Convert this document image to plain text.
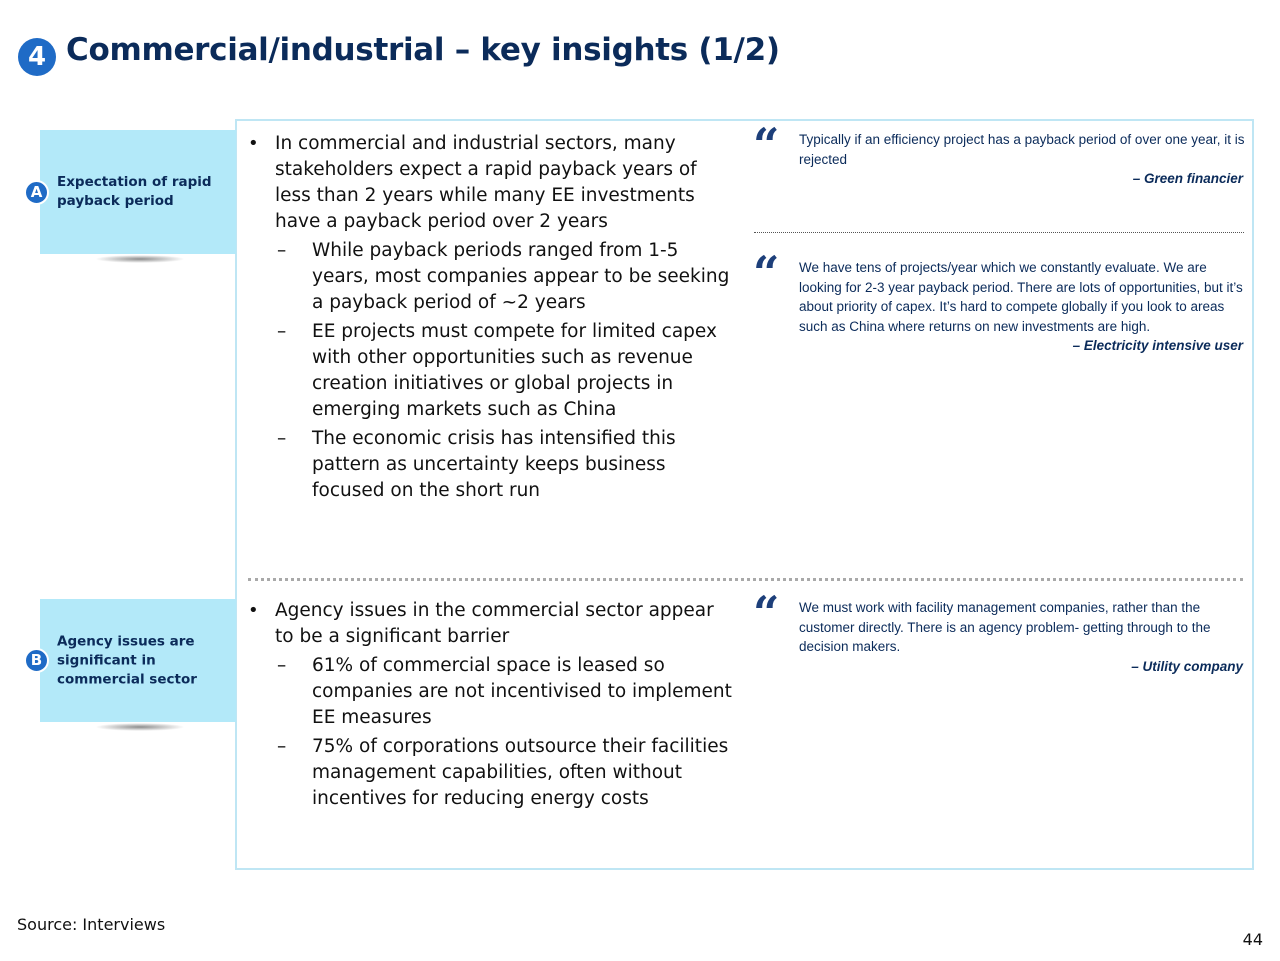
4 Commercial/industrial – key insights (1/2)
Expectation of rapid payback period
A
Agency issues are significant in commercial sector
B

• In commercial and industrial sectors, many stakeholders expect a rapid payback years of less than 2 years while many EE investments have a payback period over 2 years

– While payback periods ranged from 1-5 years, most companies appear to be seeking a payback period of ~2 years

– EE projects must compete for limited capex with other opportunities such as revenue creation initiatives or global projects in emerging markets such as China

– The economic crisis has intensified this pattern as uncertainty keeps business focused on the short run

“ Typically if an efficiency project has a payback period of over one year, it is rejected

– Green financier

“ We have tens of projects/year which we constantly evaluate. We are looking for 2-3 year payback period. There are lots of opportunities, but it’s about priority of capex. It’s hard to compete globally if you look to areas such as China where returns on new investments are high.

– Electricity intensive user

• Agency issues in the commercial sector appear to be a significant barrier

– 61% of commercial space is leased so companies are not incentivised to implement EE measures

– 75% of corporations outsource their facilities management capabilities, often without incentives for reducing energy costs

“ We must work with facility management companies, rather than the customer directly. There is an agency problem- getting through to the decision makers.

– Utility company

Source: Interviews
44
